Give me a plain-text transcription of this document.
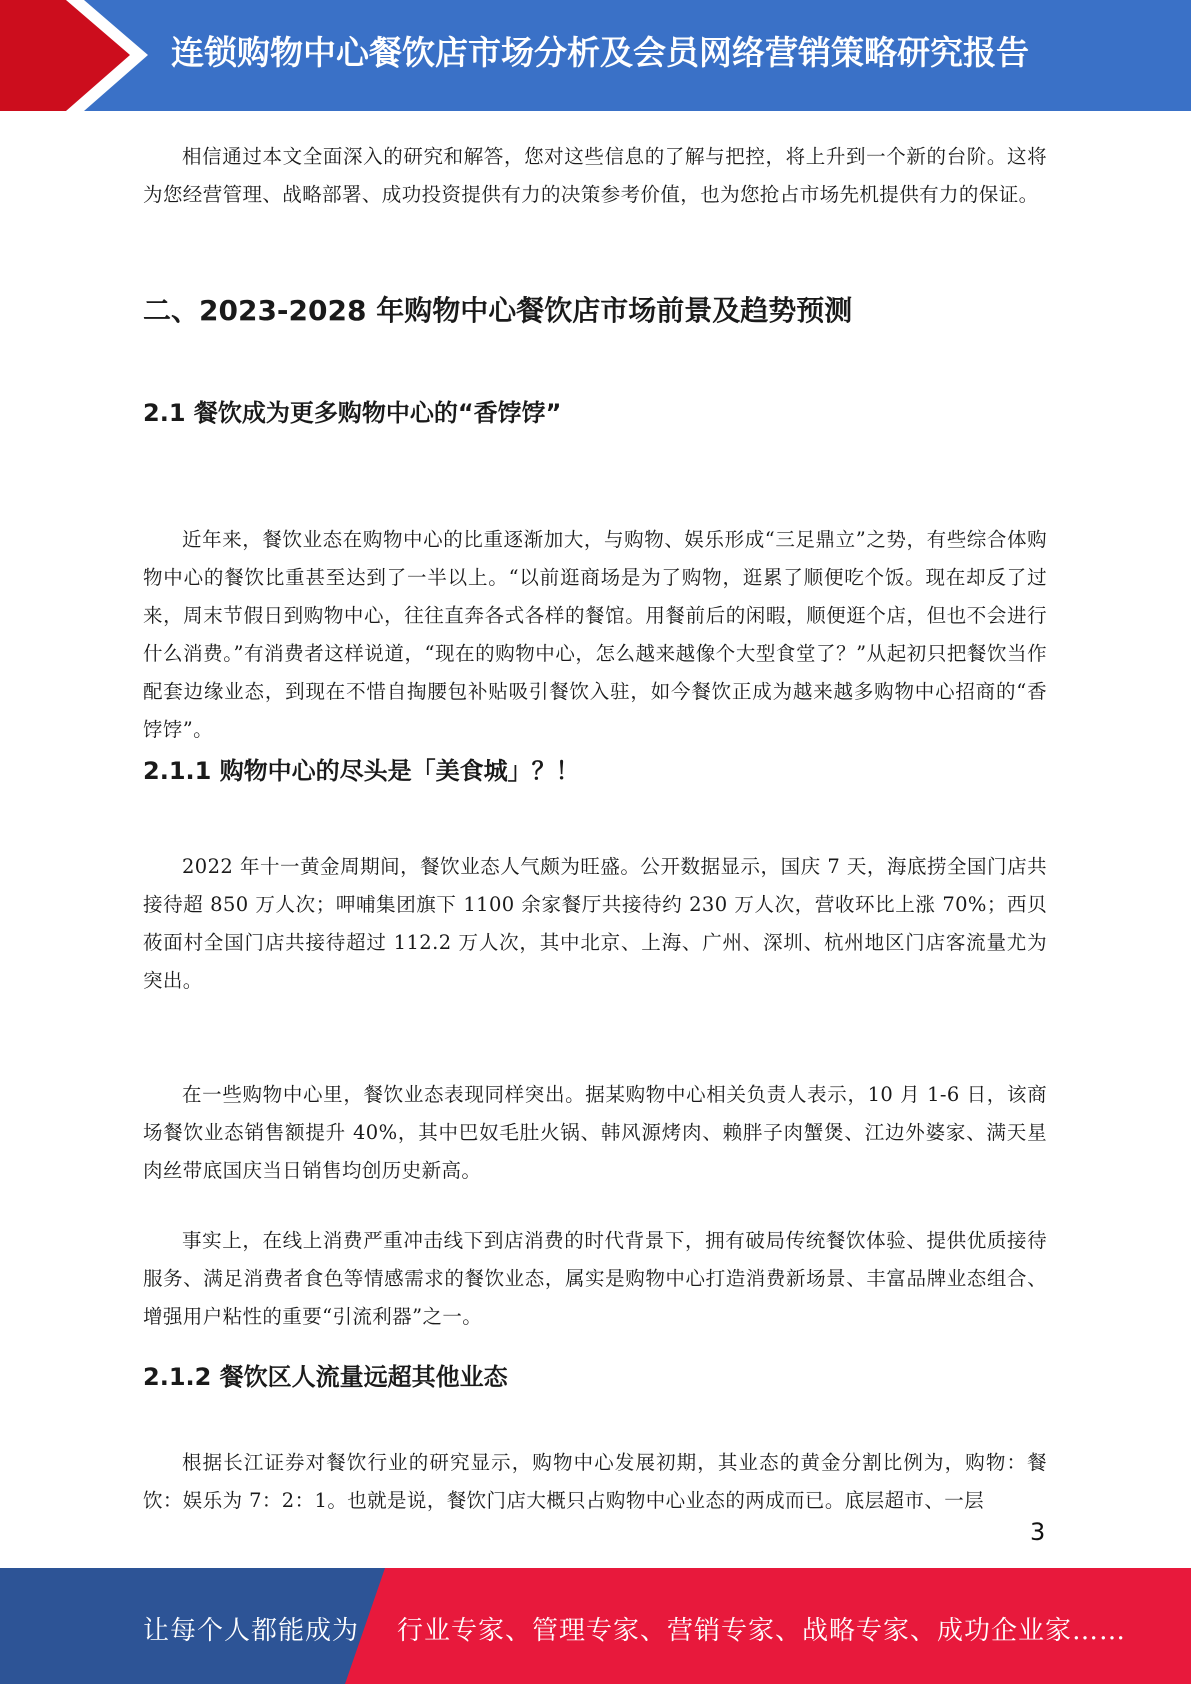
连锁购物中心餐饮店市场分析及会员网络营销策略研究报告

相信通过本文全面深入的研究和解答，您对这些信息的了解与把控，将上升到一个新的台阶。这将为您经营管理、战略部署、成功投资提供有力的决策参考价值，也为您抢占市场先机提供有力的保证。

二、2023-2028 年购物中心餐饮店市场前景及趋势预测
2.1 餐饮成为更多购物中心的“香饽饽”

近年来，餐饮业态在购物中心的比重逐渐加大，与购物、娱乐形成“三足鼎立”之势，有些综合体购物中心的餐饮比重甚至达到了一半以上。“以前逛商场是为了购物，逛累了顺便吃个饭。现在却反了过来，周末节假日到购物中心，往往直奔各式各样的餐馆。用餐前后的闲暇，顺便逛个店，但也不会进行什么消费。”有消费者这样说道，“现在的购物中心，怎么越来越像个大型食堂了？”从起初只把餐饮当作配套边缘业态，到现在不惜自掏腰包补贴吸引餐饮入驻，如今餐饮正成为越来越多购物中心招商的“香饽饽”。

2.1.1 购物中心的尽头是「美食城」？！

2022 年十一黄金周期间，餐饮业态人气颇为旺盛。公开数据显示，国庆 7 天，海底捞全国门店共接待超 850 万人次；呷哺集团旗下 1100 余家餐厅共接待约 230 万人次，营收环比上涨 70%；西贝莜面村全国门店共接待超过 112.2 万人次，其中北京、上海、广州、深圳、杭州地区门店客流量尤为突出。

在一些购物中心里，餐饮业态表现同样突出。据某购物中心相关负责人表示，10 月 1-6 日，该商场餐饮业态销售额提升 40%，其中巴奴毛肚火锅、韩风源烤肉、赖胖子肉蟹煲、江边外婆家、满天星肉丝带底国庆当日销售均创历史新高。

事实上，在线上消费严重冲击线下到店消费的时代背景下，拥有破局传统餐饮体验、提供优质接待服务、满足消费者食色等情感需求的餐饮业态，属实是购物中心打造消费新场景、丰富品牌业态组合、增强用户粘性的重要“引流利器”之一。

2.1.2 餐饮区人流量远超其他业态

根据长江证券对餐饮行业的研究显示，购物中心发展初期，其业态的黄金分割比例为，购物：餐饮：娱乐为 7：2：1。也就是说，餐饮门店大概只占购物中心业态的两成而已。底层超市、一层

3
让每个人都能成为 行业专家、管理专家、营销专家、战略专家、成功企业家……
